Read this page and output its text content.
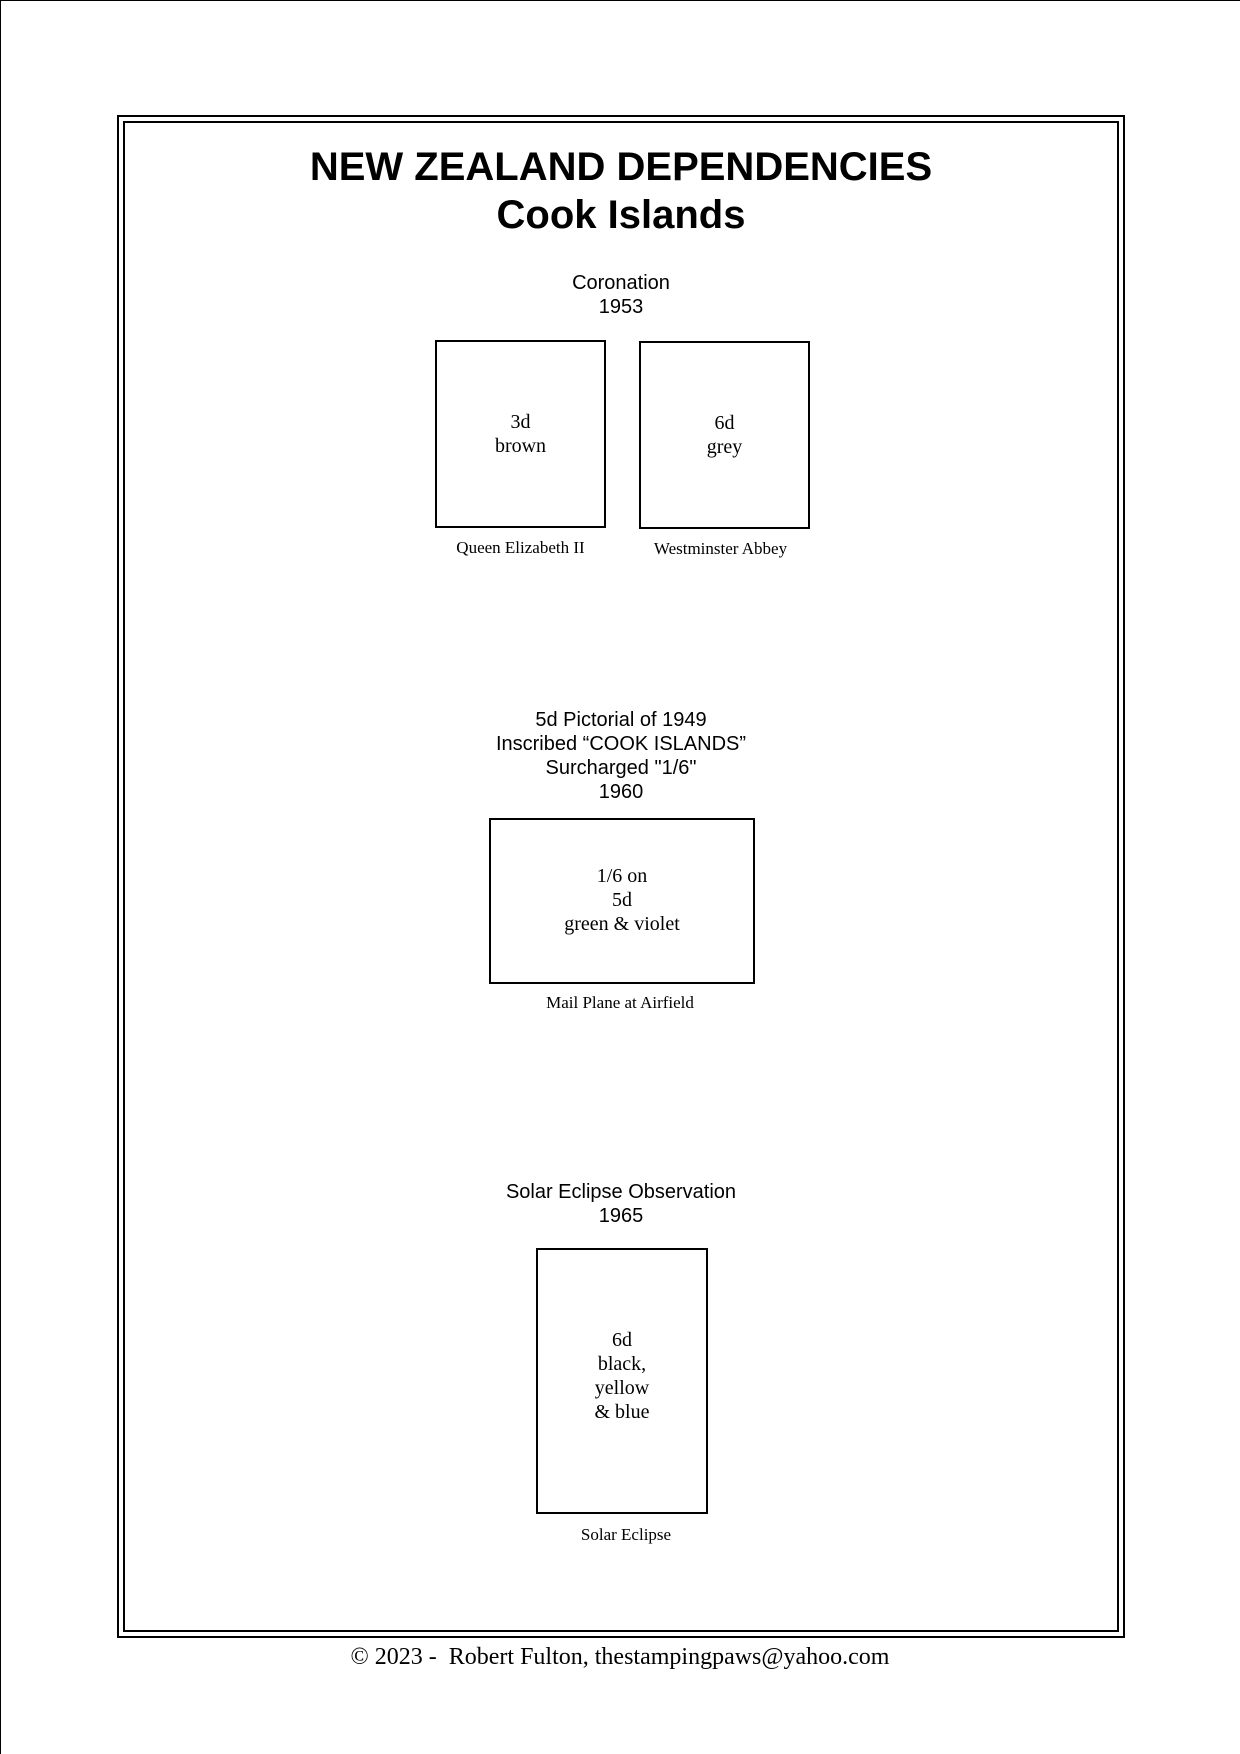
NEW ZEALAND DEPENDENCIES
Cook Islands
Coronation
1953
3d
brown
Queen Elizabeth II
6d
grey
Westminster Abbey
5d Pictorial of 1949
Inscribed “COOK ISLANDS”
Surcharged "1/6"
1960
1/6 on
5d
green & violet
Mail Plane at Airfield
Solar Eclipse Observation
1965
6d
black,
yellow
& blue
Solar Eclipse
© 2023 -  Robert Fulton, thestampingpaws@yahoo.com
